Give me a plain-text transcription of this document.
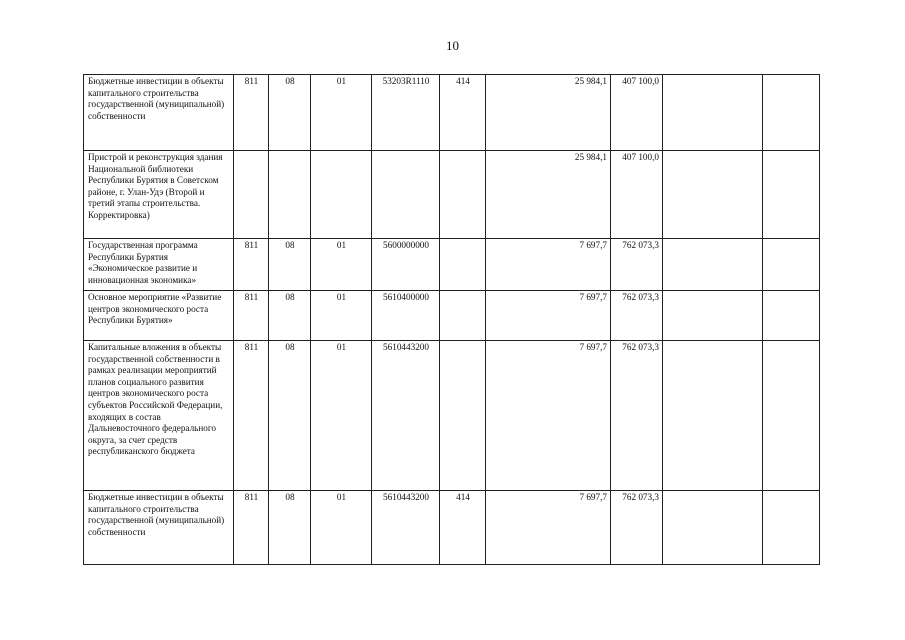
10
Бюджетные инвестиции в объекты капитального строительства государственной (муниципальной) собственности	811	08	01	53203R1110	414	25 984,1	407 100,0		
Пристрой и реконструкция здания Национальной библиотеки Республики Бурятия в Советском районе, г. Улан-Удэ (Второй и третий этапы строительства. Корректировка)						25 984,1	407 100,0		
Государственная программа Республики Бурятия «Экономическое развитие и инновационная экономика»	811	08	01	5600000000		7 697,7	762 073,3		
Основное мероприятие «Развитие центров экономического роста Республики Бурятия»	811	08	01	5610400000		7 697,7	762 073,3		
Капитальные вложения в объекты государственной собственности в рамках реализации мероприятий планов социального развития центров экономического роста субъектов Российской Федерации, входящих в состав Дальневосточного федерального округа, за счет средств республиканского бюджета	811	08	01	5610443200		7 697,7	762 073,3		
Бюджетные инвестиции в объекты капитального строительства государственной (муниципальной) собственности	811	08	01	5610443200	414	7 697,7	762 073,3		
